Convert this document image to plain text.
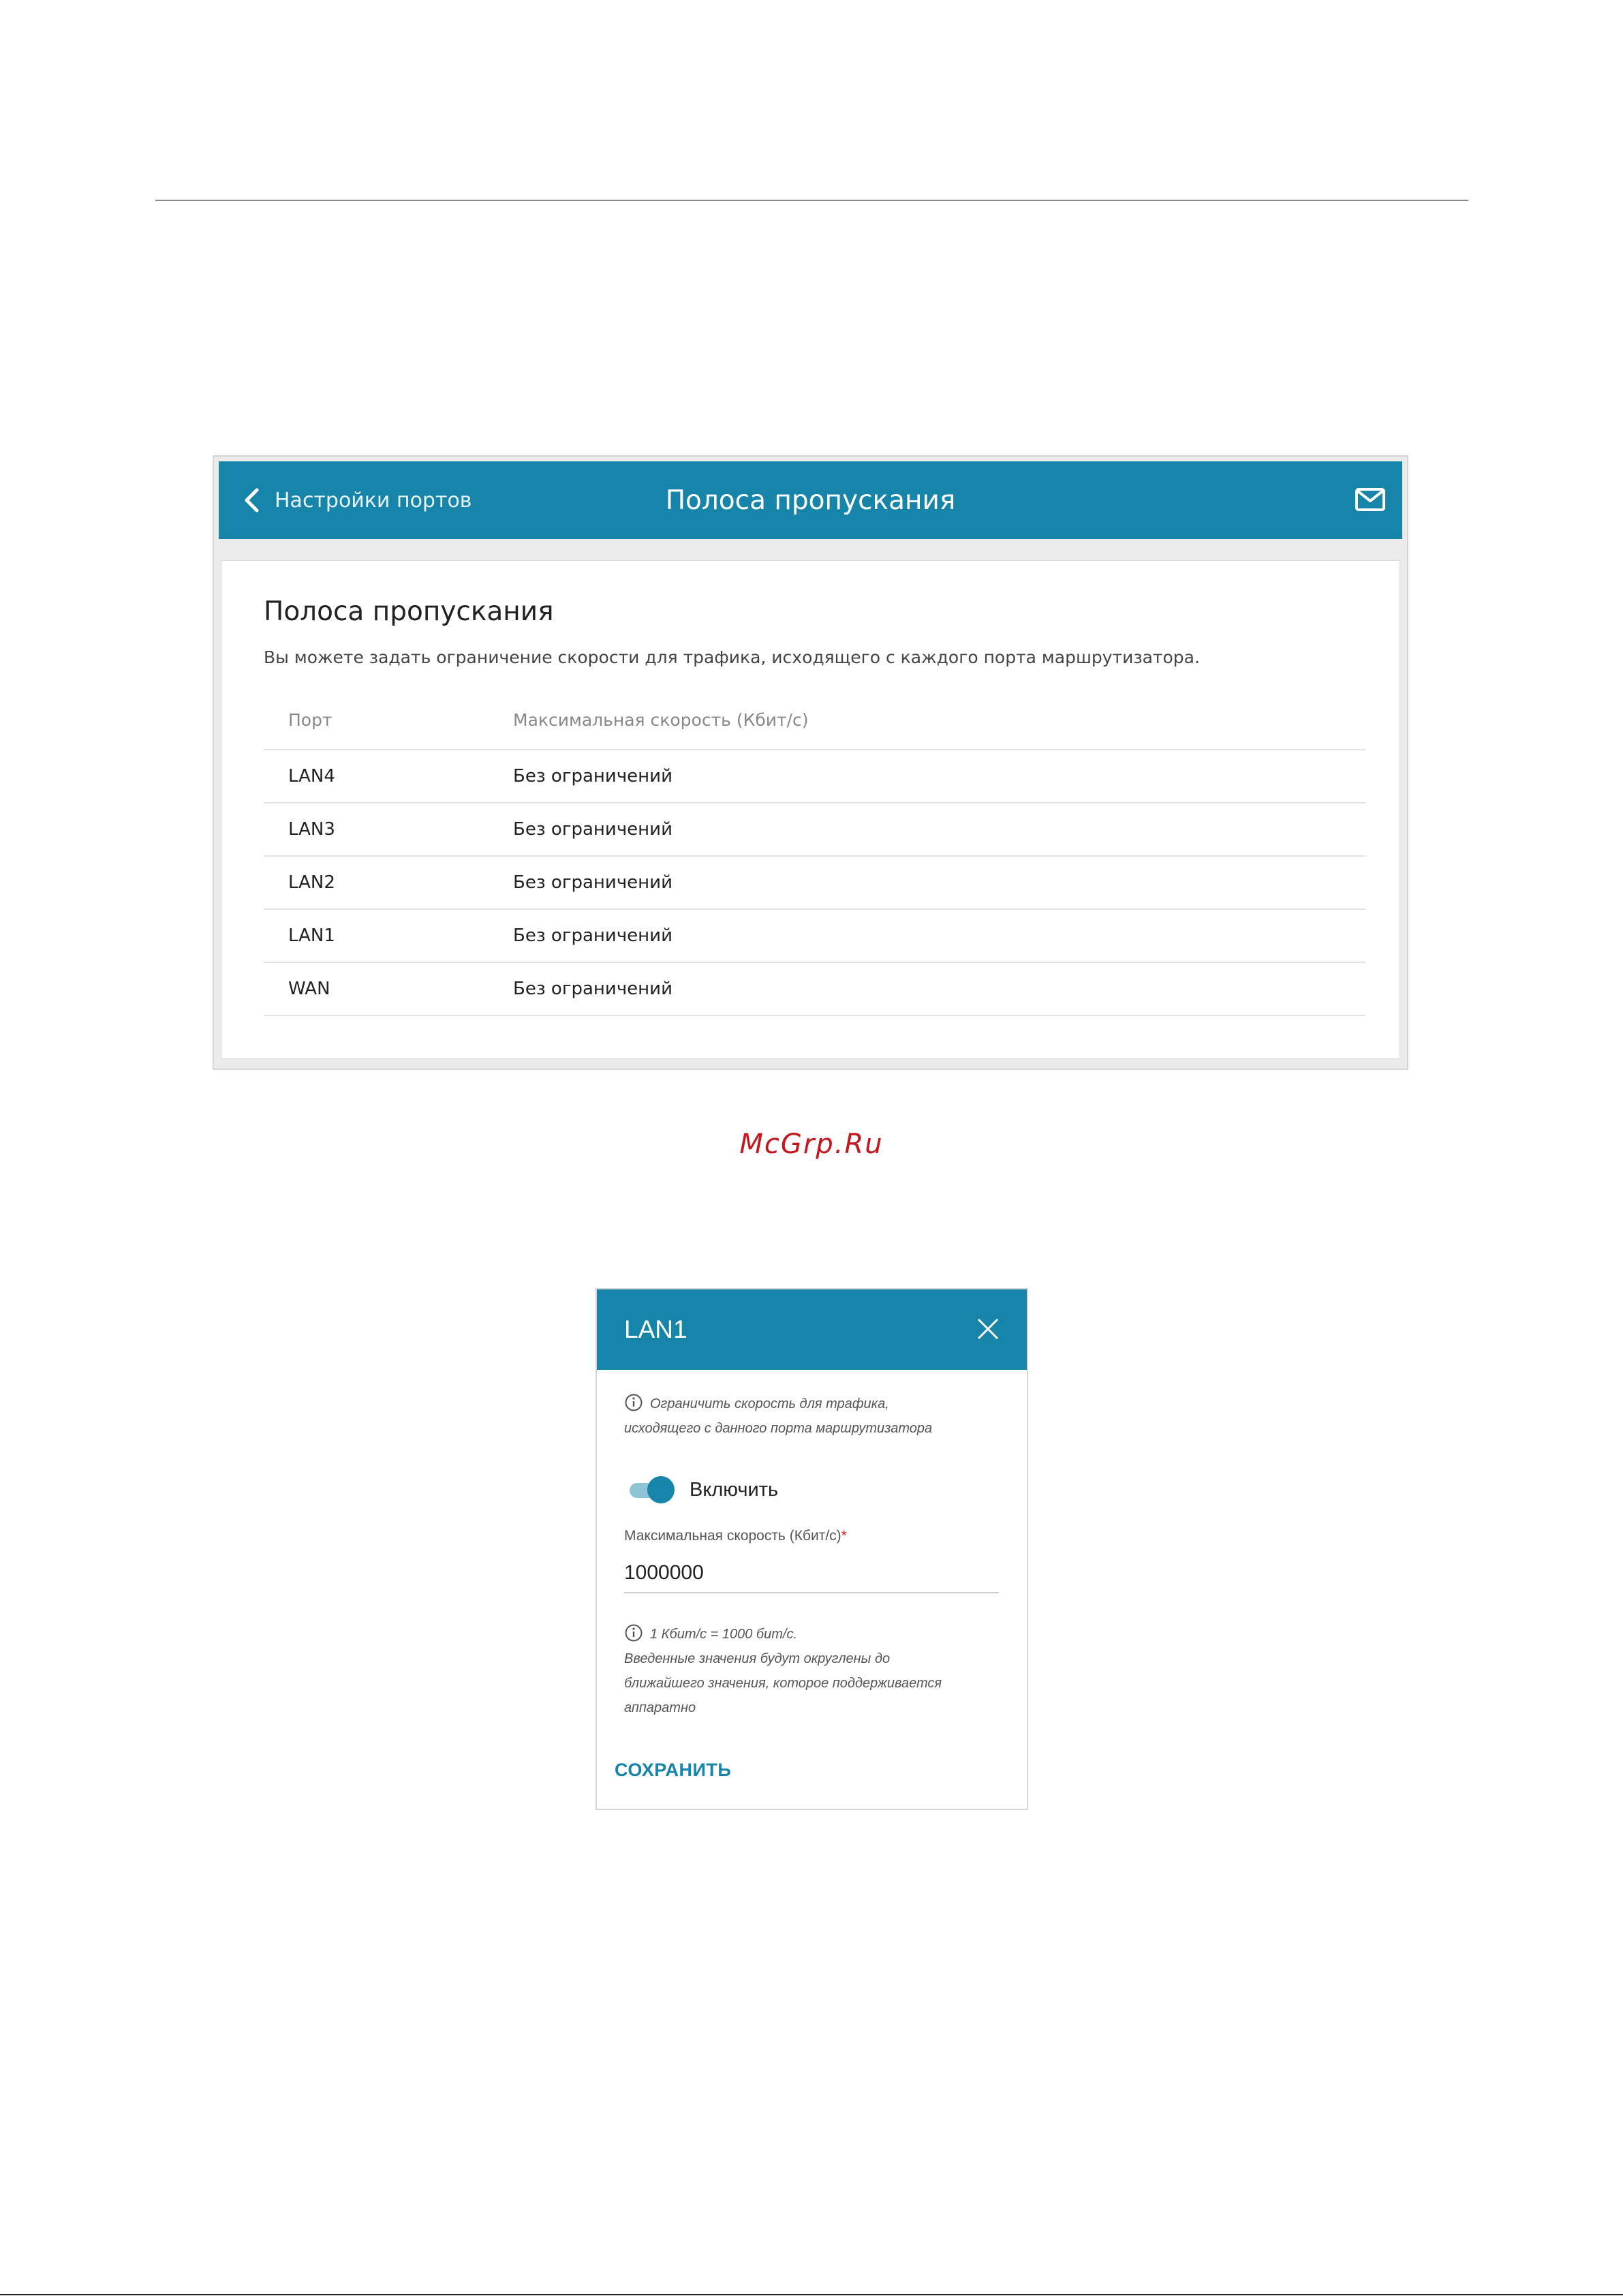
Настройки портов	Полоса пропускания
Полоса пропускания
Вы можете задать ограничение скорости для трафика, исходящего с каждого порта маршрутизатора.
Порт	Максимальная скорость (Кбит/с)
LAN4	Без ограничений
LAN3	Без ограничений
LAN2	Без ограничений
LAN1	Без ограничений
WAN	Без ограничений
McGrp.Ru
LAN1
Ограничить скорость для трафика,
исходящего с данного порта маршрутизатора
Включить
Максимальная скорость (Кбит/с)*
1000000
1 Кбит/с = 1000 бит/с.
Введенные значения будут округлены до
ближайшего значения, которое поддерживается
аппаратно
СОХРАНИТЬ
